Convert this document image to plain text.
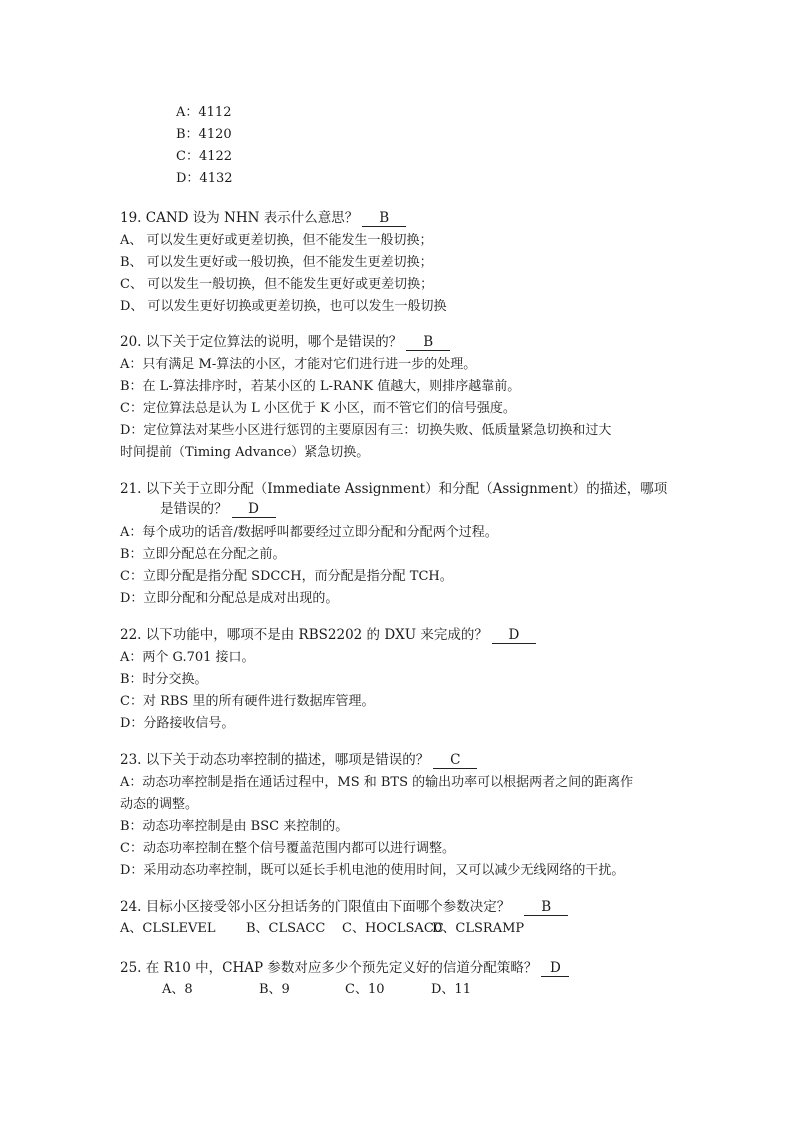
A：4112
B：4120
C：4122
D：4132
19. CAND 设为 NHN 表示什么意思？ B
A、 可以发生更好或更差切换，但不能发生一般切换；
B、 可以发生更好或一般切换，但不能发生更差切换；
C、 可以发生一般切换，但不能发生更好或更差切换；
D、 可以发生更好切换或更差切换，也可以发生一般切换
20. 以下关于定位算法的说明，哪个是错误的？ B
A：只有满足 M-算法的小区，才能对它们进行进一步的处理。
B：在 L-算法排序时，若某小区的 L-RANK 值越大，则排序越靠前。
C：定位算法总是认为 L 小区优于 K 小区，而不管它们的信号强度。
D：定位算法对某些小区进行惩罚的主要原因有三：切换失败、低质量紧急切换和过大
时间提前（Timing Advance）紧急切换。
21. 以下关于立即分配（Immediate Assignment）和分配（Assignment）的描述，哪项
是错误的？ D
A：每个成功的话音/数据呼叫都要经过立即分配和分配两个过程。
B：立即分配总在分配之前。
C：立即分配是指分配 SDCCH，而分配是指分配 TCH。
D：立即分配和分配总是成对出现的。
22. 以下功能中，哪项不是由 RBS2202 的 DXU 来完成的？ D
A：两个 G.701 接口。
B：时分交换。
C：对 RBS 里的所有硬件进行数据库管理。
D：分路接收信号。
23. 以下关于动态功率控制的描述，哪项是错误的？ C
A：动态功率控制是指在通话过程中，MS 和 BTS 的输出功率可以根据两者之间的距离作
动态的调整。
B：动态功率控制是由 BSC 来控制的。
C：动态功率控制在整个信号覆盖范围内都可以进行调整。
D：采用动态功率控制，既可以延长手机电池的使用时间，又可以减少无线网络的干扰。
24. 目标小区接受邻小区分担话务的门限值由下面哪个参数决定？ B
A、CLSLEVEL B、CLSACC C、HOCLSACCD、CLSRAMP
25. 在 R10 中，CHAP 参数对应多少个预先定义好的信道分配策略？ D
A、8	B、9	C、10	D、11
